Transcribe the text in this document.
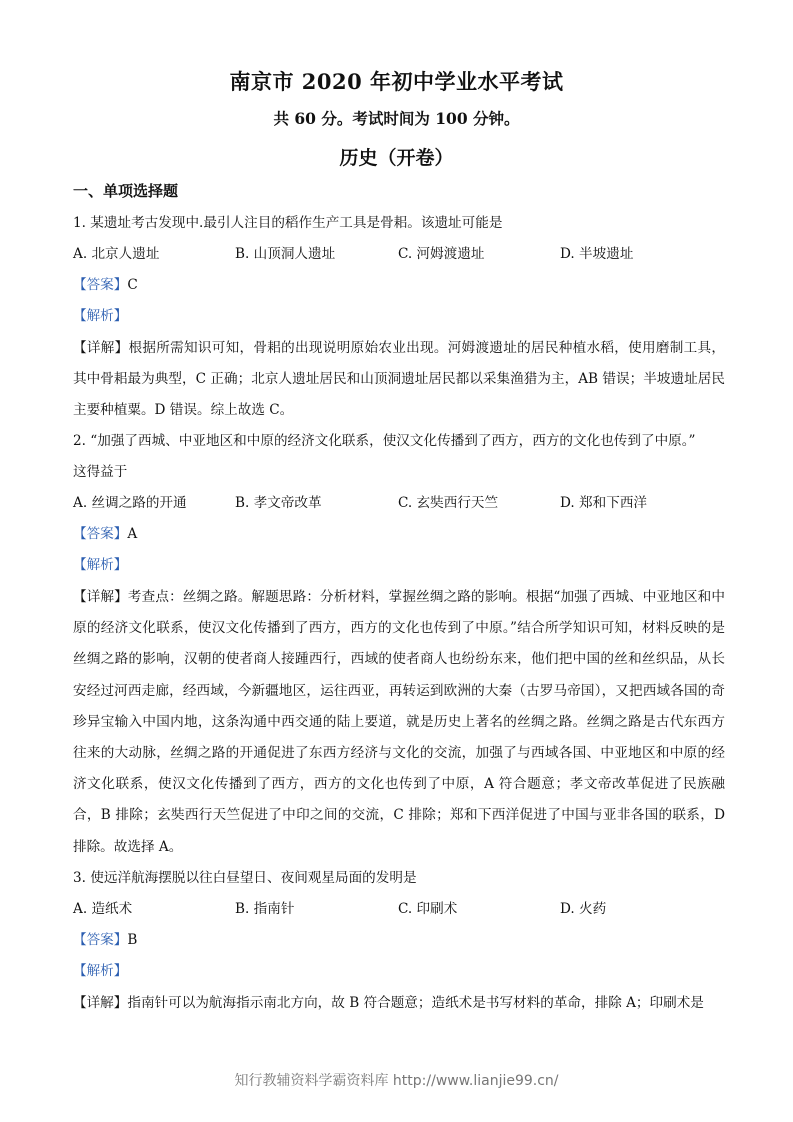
南京市 2020 年初中学业水平考试
共 60 分。考试时间为 100 分钟。
历史（开卷）
一、单项选择题
1. 某遗址考古发现中.最引人注目的稻作生产工具是骨耜。该遗址可能是
A. 北京人遗址	B. 山顶洞人遗址	C. 河姆渡遗址	D. 半坡遗址
【答案】C
【解析】
【详解】根据所需知识可知，骨耜的出现说明原始农业出现。河姆渡遗址的居民种植水稻，使用磨制工具，其中骨耜最为典型，C 正确；北京人遗址居民和山顶洞遗址居民都以采集渔猎为主，AB 错误；半坡遗址居民主要种植粟。D 错误。综上故选 C。
2. “加强了西城、中亚地区和中原的经济文化联系，使汉文化传播到了西方，西方的文化也传到了中原。”
这得益于
A. 丝调之路的开通	B. 孝文帝改革	C. 玄奘西行天竺	D. 郑和下西洋
【答案】A
【解析】
【详解】考查点：丝绸之路。解题思路：分析材料，掌握丝绸之路的影响。根据“加强了西城、中亚地区和中原的经济文化联系，使汉文化传播到了西方，西方的文化也传到了中原。”结合所学知识可知，材料反映的是丝绸之路的影响，汉朝的使者商人接踵西行，西域的使者商人也纷纷东来，他们把中国的丝和丝织品，从长安经过河西走廊，经西域，今新疆地区，运往西亚，再转运到欧洲的大秦（古罗马帝国），又把西域各国的奇珍异宝输入中国内地，这条沟通中西交通的陆上要道，就是历史上著名的丝绸之路。丝绸之路是古代东西方往来的大动脉，丝绸之路的开通促进了东西方经济与文化的交流，加强了与西域各国、中亚地区和中原的经济文化联系，使汉文化传播到了西方，西方的文化也传到了中原，A 符合题意；孝文帝改革促进了民族融合，B 排除；玄奘西行天竺促进了中印之间的交流，C 排除；郑和下西洋促进了中国与亚非各国的联系，D 排除。故选择 A。
3. 使远洋航海摆脱以往白昼望日、夜间观星局面的发明是
A. 造纸术	B. 指南针	C. 印刷术	D. 火药
【答案】B
【解析】
【详解】指南针可以为航海指示南北方向，故 B 符合题意；造纸术是书写材料的革命，排除 A；印刷术是
知行教辅资料学霸资料库 http://www.lianjie99.cn/
